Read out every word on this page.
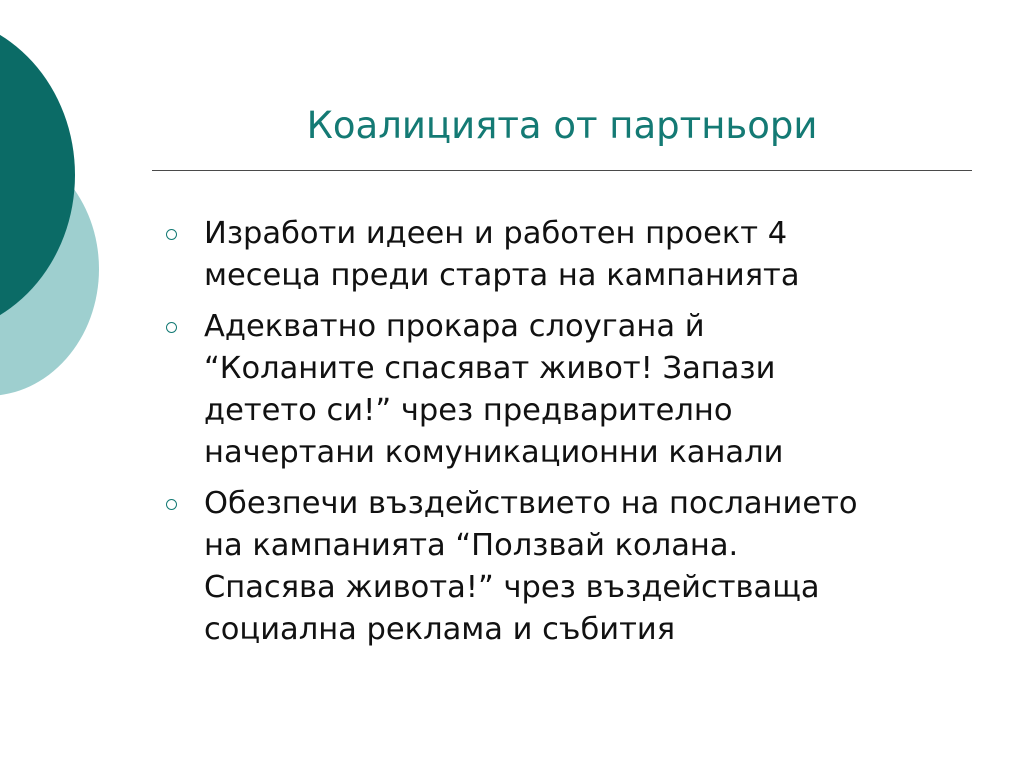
Коалицията от партньори
Изработи идеен и работен проект 4
месеца преди старта на кампанията
Адекватно прокара слоугана й
“Коланите спасяват живот! Запази
детето си!” чрез предварително
начертани комуникационни канали
Обезпечи въздействието на посланието
на кампанията “Ползвай колана.
Спасява живота!” чрез въздействаща
социална реклама и събития
